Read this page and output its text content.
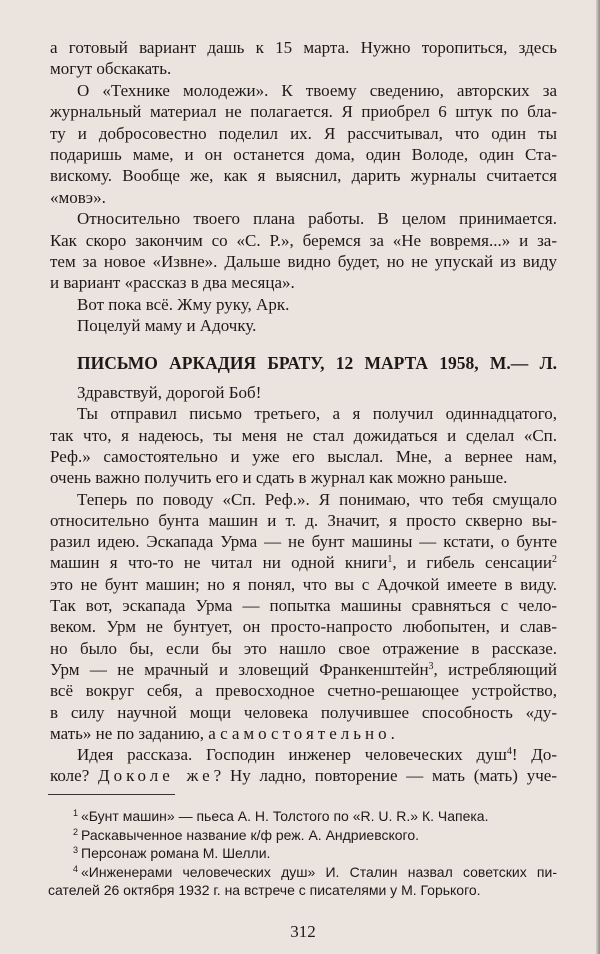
а готовый вариант дашь к 15 марта. Нужно торопиться, здесь
могут обскакать.
О «Технике молодежи». К твоему сведению, авторских за
журнальный материал не полагается. Я приобрел 6 штук по бла-
ту и добросовестно поделил их. Я рассчитывал, что один ты
подаришь маме, и он останется дома, один Володе, один Ста-
вискому. Вообще же, как я выяснил, дарить журналы считается
«мовэ».
Относительно твоего плана работы. В целом принимается.
Как скоро закончим со «С. Р.», беремся за «Не вовремя...» и за-
тем за новое «Извне». Дальше видно будет, но не упускай из виду
и вариант «рассказ в два месяца».
Вот пока всё. Жму руку, Арк.
Поцелуй маму и Адочку.
ПИСЬМО АРКАДИЯ БРАТУ, 12 МАРТА 1958, М.— Л.
Здравствуй, дорогой Боб!
Ты отправил письмо третьего, а я получил одиннадцатого,
так что, я надеюсь, ты меня не стал дожидаться и сделал «Сп.
Реф.» самостоятельно и уже его выслал. Мне, а вернее нам,
очень важно получить его и сдать в журнал как можно раньше.
Теперь по поводу «Сп. Реф.». Я понимаю, что тебя смущало
относительно бунта машин и т. д. Значит, я просто скверно вы-
разил идею. Эскапада Урма — не бунт машины — кстати, о бунте
машин я что-то не читал ни одной книги$^1$, и гибель сенсации$^2$
это не бунт машин; но я понял, что вы с Адочкой имеете в виду.
Так вот, эскапада Урма — попытка машины сравняться с чело-
веком. Урм не бунтует, он просто-напросто любопытен, и слав-
но было бы, если бы это нашло свое отражение в рассказе.
Урм — не мрачный и зловещий Франкенштейн$^3$, истребляющий
всё вокруг себя, а превосходное счетно-решающее устройство,
в силу научной мощи человека получившее способность «ду-
мать» не по заданию, а самостоятельно.
Идея рассказа. Господин инженер человеческих душ$^4$! До-
коле? Доколе же? Ну ладно, повторение — мать (мать) уче-
$^1$ «Бунт машин» — пьеса А. Н. Толстого по «R. U. R.» К. Чапека.
$^2$ Раскавыченное название к/ф реж. А. Андриевского.
$^3$ Персонаж романа М. Шелли.
$^4$ «Инженерами человеческих душ» И. Сталин назвал советских пи-
сателей 26 октября 1932 г. на встрече с писателями у М. Горького.
312
